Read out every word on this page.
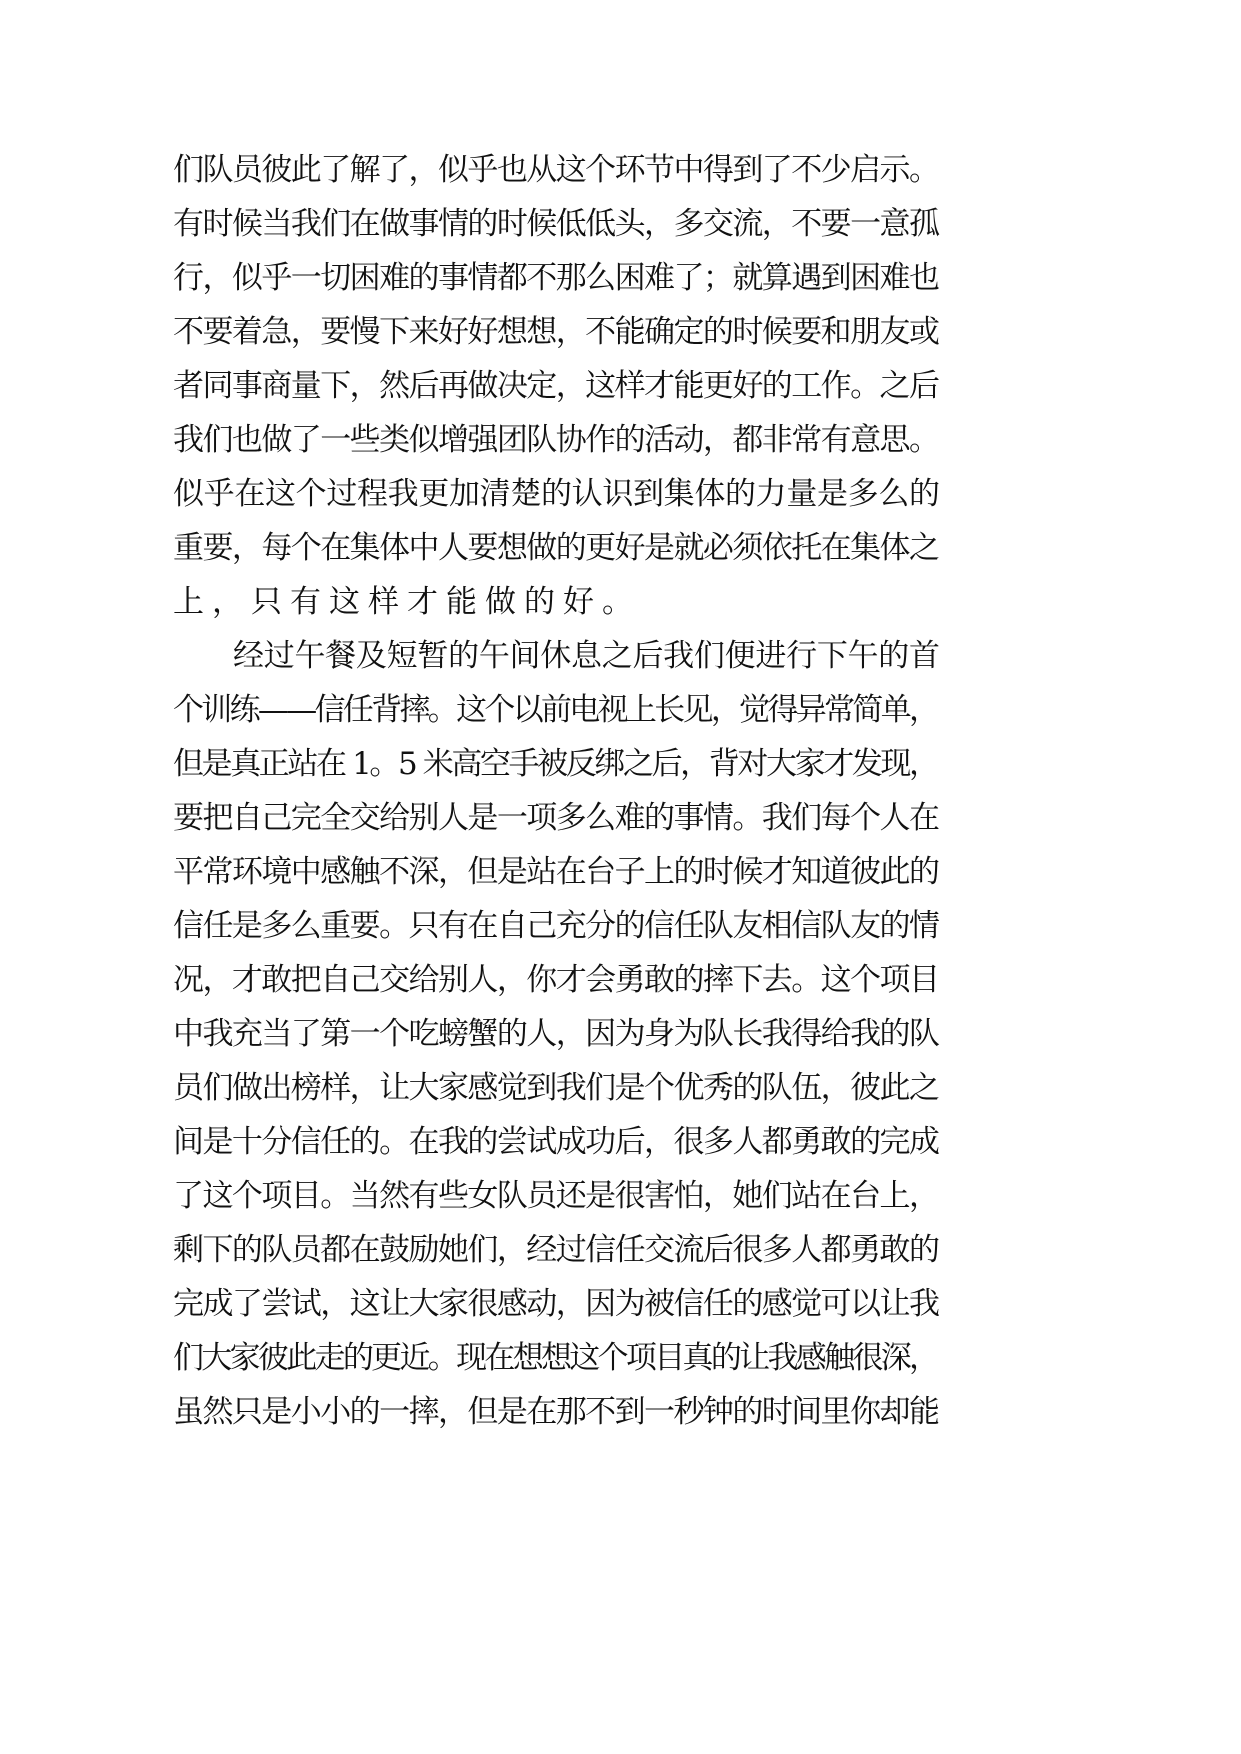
们队员彼此了解了，似乎也从这个环节中得到了不少启示。
有时候当我们在做事情的时候低低头，多交流，不要一意孤
行，似乎一切困难的事情都不那么困难了；就算遇到困难也
不要着急，要慢下来好好想想，不能确定的时候要和朋友或
者同事商量下，然后再做决定，这样才能更好的工作。之后
我们也做了一些类似增强团队协作的活动，都非常有意思。
似乎在这个过程我更加清楚的认识到集体的力量是多么的
重要，每个在集体中人要想做的更好是就必须依托在集体之
上，只有这样才能做的好。
经过午餐及短暂的午间休息之后我们便进行下午的首
个训练——信任背摔。这个以前电视上长见，觉得异常简单，
但是真正站在 1。5 米高空手被反绑之后，背对大家才发现，
要把自己完全交给别人是一项多么难的事情。我们每个人在
平常环境中感触不深，但是站在台子上的时候才知道彼此的
信任是多么重要。只有在自己充分的信任队友相信队友的情
况，才敢把自己交给别人，你才会勇敢的摔下去。这个项目
中我充当了第一个吃螃蟹的人，因为身为队长我得给我的队
员们做出榜样，让大家感觉到我们是个优秀的队伍，彼此之
间是十分信任的。在我的尝试成功后，很多人都勇敢的完成
了这个项目。当然有些女队员还是很害怕，她们站在台上，
剩下的队员都在鼓励她们，经过信任交流后很多人都勇敢的
完成了尝试，这让大家很感动，因为被信任的感觉可以让我
们大家彼此走的更近。现在想想这个项目真的让我感触很深，
虽然只是小小的一摔，但是在那不到一秒钟的时间里你却能
